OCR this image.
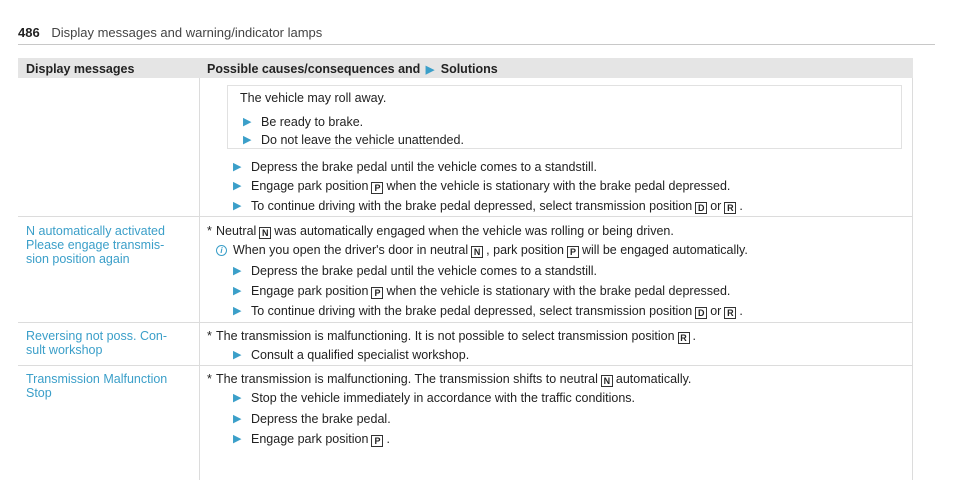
486 Display messages and warning/indicator lamps
Display messages	Possible causes/consequences and ▶ Solutions
The vehicle may roll away.
▶ Be ready to brake.
▶ Do not leave the vehicle unattended.
▶ Depress the brake pedal until the vehicle comes to a standstill.
▶ Engage park position P when the vehicle is stationary with the brake pedal depressed.
▶ To continue driving with the brake pedal depressed, select transmission position D or R .
N automatically activated
Please engage transmis-
sion position again
* Neutral N was automatically engaged when the vehicle was rolling or being driven.
i When you open the driver's door in neutral N , park position P will be engaged automatically.
▶ Depress the brake pedal until the vehicle comes to a standstill.
▶ Engage park position P when the vehicle is stationary with the brake pedal depressed.
▶ To continue driving with the brake pedal depressed, select transmission position D or R .
Reversing not poss. Con-
sult workshop
* The transmission is malfunctioning. It is not possible to select transmission position R .
▶ Consult a qualified specialist workshop.
Transmission Malfunction
Stop
* The transmission is malfunctioning. The transmission shifts to neutral N automatically.
▶ Stop the vehicle immediately in accordance with the traffic conditions.
▶ Depress the brake pedal.
▶ Engage park position P .
